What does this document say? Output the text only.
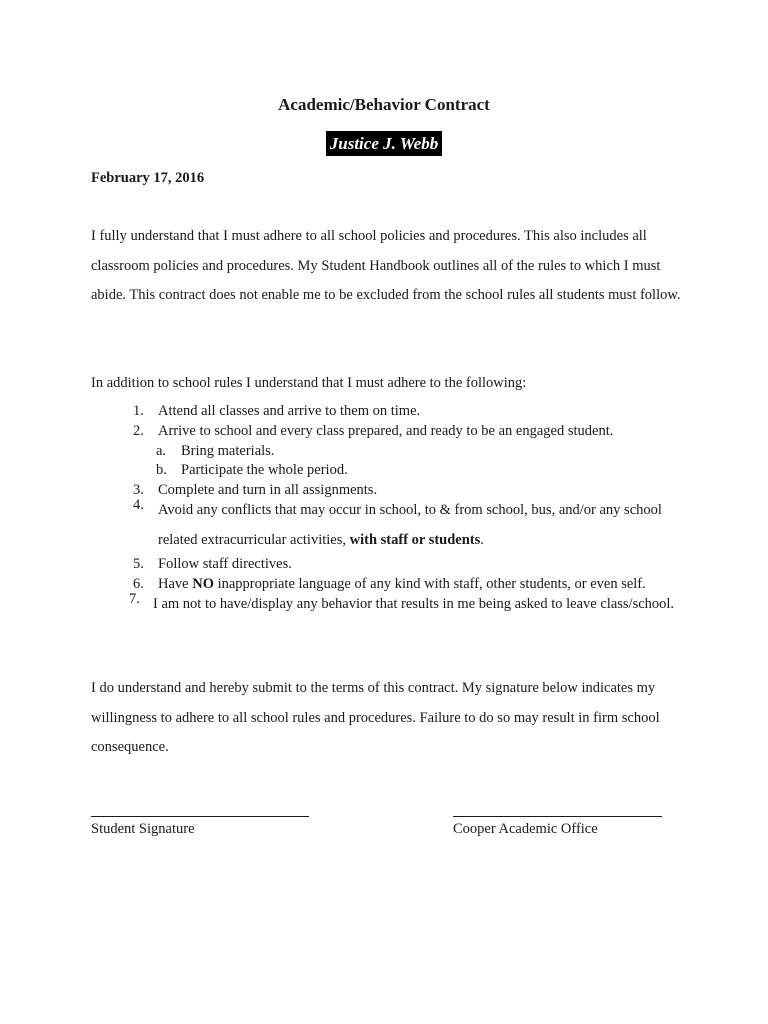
Academic/Behavior Contract
Justice J. Webb
February 17, 2016
I fully understand that I must adhere to all school policies and procedures. This also includes all classroom policies and procedures. My Student Handbook outlines all of the rules to which I must abide. This contract does not enable me to be excluded from the school rules all students must follow.
In addition to school rules I understand that I must adhere to the following:
1. Attend all classes and arrive to them on time.
2. Arrive to school and every class prepared, and ready to be an engaged student.
a. Bring materials.
b. Participate the whole period.
3. Complete and turn in all assignments.
4. Avoid any conflicts that may occur in school, to & from school, bus, and/or any school related extracurricular activities, with staff or students.
5. Follow staff directives.
6. Have NO inappropriate language of any kind with staff, other students, or even self.
7. I am not to have/display any behavior that results in me being asked to leave class/school.
I do understand and hereby submit to the terms of this contract. My signature below indicates my willingness to adhere to all school rules and procedures. Failure to do so may result in firm school consequence.
Student Signature	Cooper Academic Office
